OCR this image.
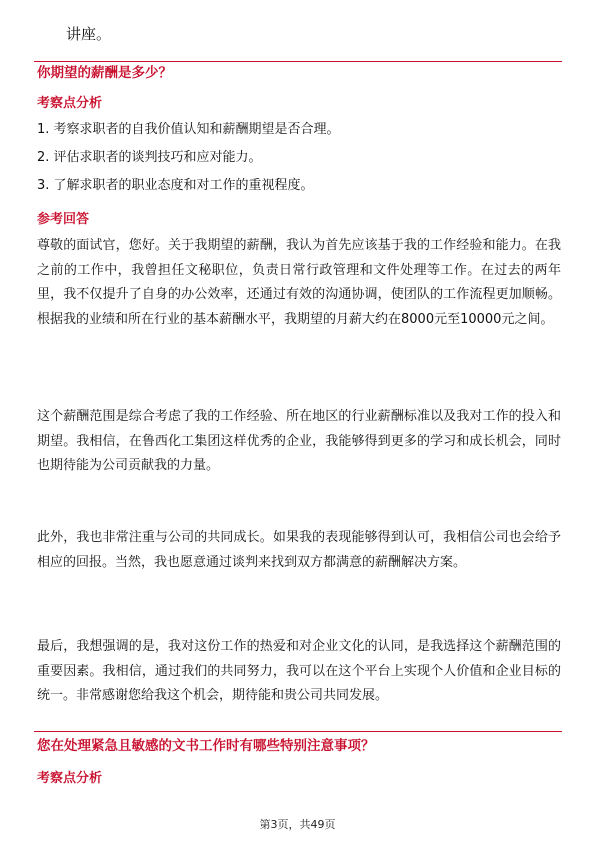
讲座。
你期望的薪酬是多少？
考察点分析
1. 考察求职者的自我价值认知和薪酬期望是否合理。
2. 评估求职者的谈判技巧和应对能力。
3. 了解求职者的职业态度和对工作的重视程度。
参考回答
尊敬的面试官，您好。关于我期望的薪酬，我认为首先应该基于我的工作经验和能力。在我之前的工作中，我曾担任文秘职位，负责日常行政管理和文件处理等工作。在过去的两年里，我不仅提升了自身的办公效率，还通过有效的沟通协调，使团队的工作流程更加顺畅。根据我的业绩和所在行业的基本薪酬水平，我期望的月薪大约在8000元至10000元之间。
这个薪酬范围是综合考虑了我的工作经验、所在地区的行业薪酬标准以及我对工作的投入和期望。我相信，在鲁西化工集团这样优秀的企业，我能够得到更多的学习和成长机会，同时也期待能为公司贡献我的力量。
此外，我也非常注重与公司的共同成长。如果我的表现能够得到认可，我相信公司也会给予相应的回报。当然，我也愿意通过谈判来找到双方都满意的薪酬解决方案。
最后，我想强调的是，我对这份工作的热爱和对企业文化的认同，是我选择这个薪酬范围的重要因素。我相信，通过我们的共同努力，我可以在这个平台上实现个人价值和企业目标的统一。非常感谢您给我这个机会，期待能和贵公司共同发展。
您在处理紧急且敏感的文书工作时有哪些特别注意事项？
考察点分析
第3页，共49页
